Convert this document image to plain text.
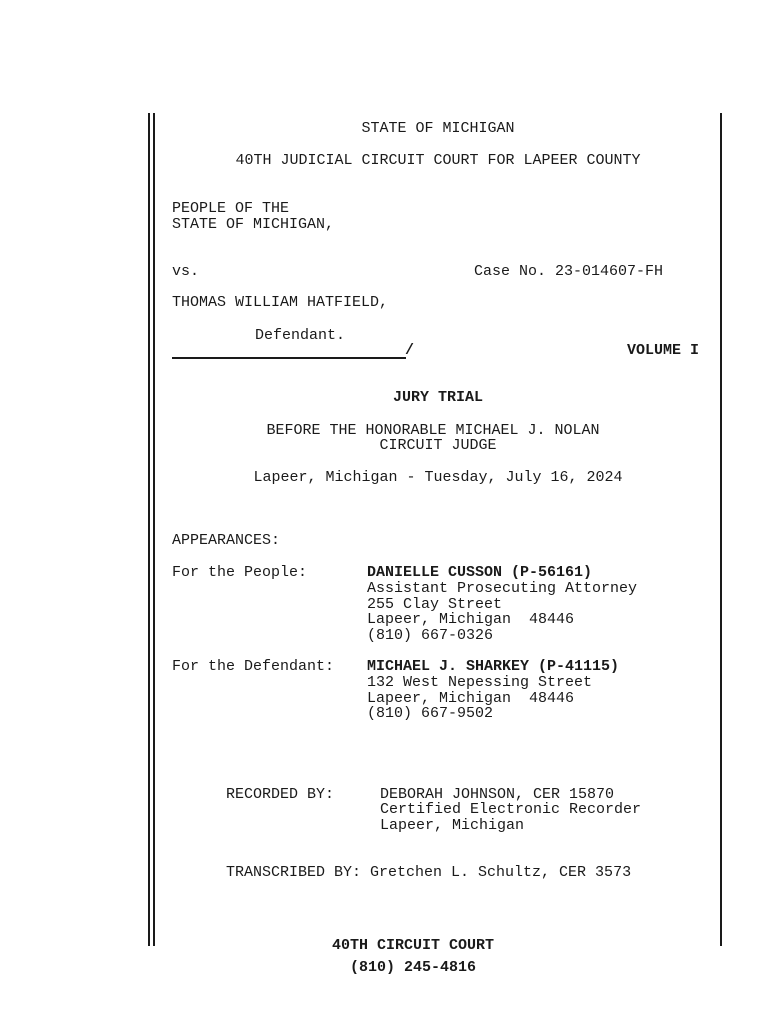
STATE OF MICHIGAN
40TH JUDICIAL CIRCUIT COURT FOR LAPEER COUNTY
PEOPLE OF THE
STATE OF MICHIGAN,
vs.	Case No. 23-014607-FH
THOMAS WILLIAM HATFIELD,
Defendant.
/	VOLUME I
JURY TRIAL
BEFORE THE HONORABLE MICHAEL J. NOLAN
CIRCUIT JUDGE
Lapeer, Michigan - Tuesday, July 16, 2024
APPEARANCES:
For the People:	DANIELLE CUSSON (P-56161)
Assistant Prosecuting Attorney
255 Clay Street
Lapeer, Michigan  48446
(810) 667-0326
For the Defendant: MICHAEL J. SHARKEY (P-41115)
132 West Nepessing Street
Lapeer, Michigan  48446
(810) 667-9502
RECORDED BY:	DEBORAH JOHNSON, CER 15870
Certified Electronic Recorder
Lapeer, Michigan
TRANSCRIBED BY: Gretchen L. Schultz, CER 3573
40TH CIRCUIT COURT
(810) 245-4816
